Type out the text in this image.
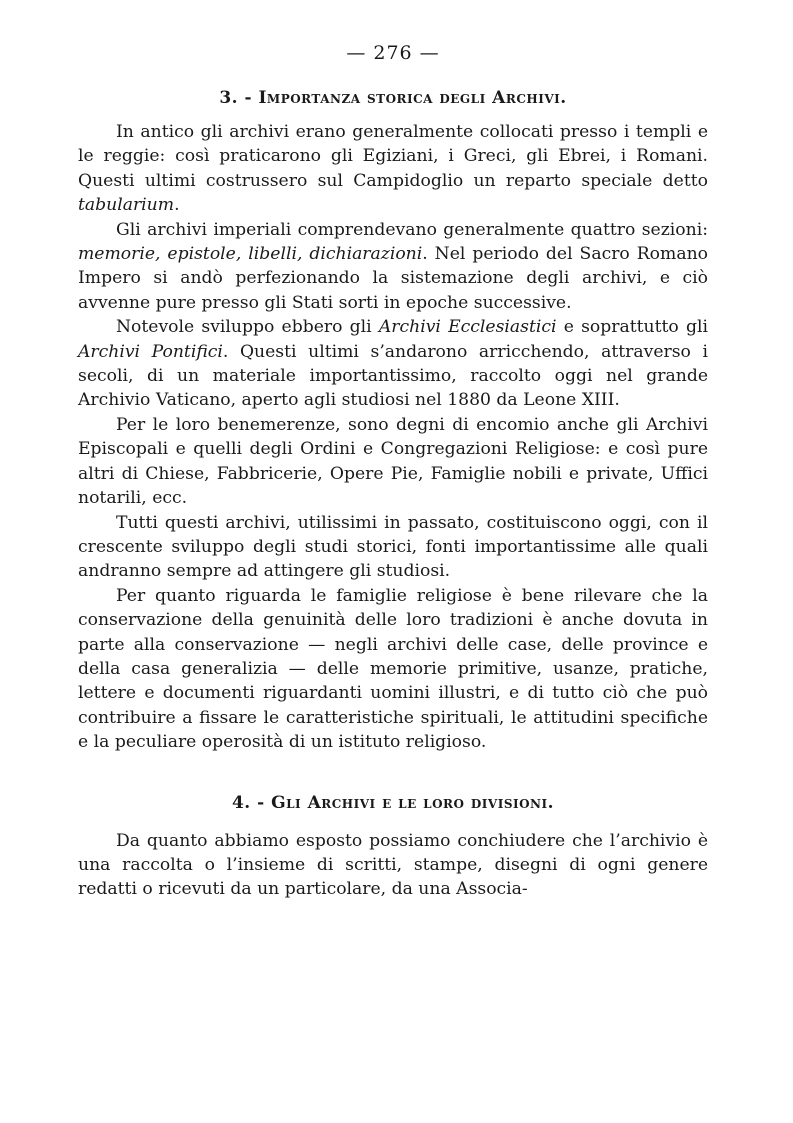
— 276 —
3. - Importanza storica degli Archivi.

In antico gli archivi erano generalmente collocati presso i templi e le reggie: così praticarono gli Egiziani, i Greci, gli Ebrei, i Romani. Questi ultimi costrussero sul Campidoglio un reparto speciale detto tabularium.

Gli archivi imperiali comprendevano generalmente quattro sezioni: memorie, epistole, libelli, dichiarazioni. Nel periodo del Sacro Romano Impero si andò perfezionando la sistemazione degli archivi, e ciò avvenne pure presso gli Stati sorti in epoche successive.

Notevole sviluppo ebbero gli Archivi Ecclesiastici e soprattutto gli Archivi Pontifici. Questi ultimi s’andarono arricchendo, attraverso i secoli, di un materiale importantissimo, raccolto oggi nel grande Archivio Vaticano, aperto agli studiosi nel 1880 da Leone XIII.

Per le loro benemerenze, sono degni di encomio anche gli Archivi Episcopali e quelli degli Ordini e Congregazioni Religiose: e così pure altri di Chiese, Fabbricerie, Opere Pie, Famiglie nobili e private, Uffici notarili, ecc.

Tutti questi archivi, utilissimi in passato, costituiscono oggi, con il crescente sviluppo degli studi storici, fonti importantissime alle quali andranno sempre ad attingere gli studiosi.

Per quanto riguarda le famiglie religiose è bene rilevare che la conservazione della genuinità delle loro tradizioni è anche dovuta in parte alla conservazione — negli archivi delle case, delle province e della casa generalizia — delle memorie primitive, usanze, pratiche, lettere e documenti riguardanti uomini illustri, e di tutto ciò che può contribuire a fissare le caratteristiche spirituali, le attitudini specifiche e la peculiare operosità di un istituto religioso.

4. - Gli Archivi e le loro divisioni.

Da quanto abbiamo esposto possiamo conchiudere che l’archivio è una raccolta o l’insieme di scritti, stampe, disegni di ogni genere redatti o ricevuti da un particolare, da una Associa-
